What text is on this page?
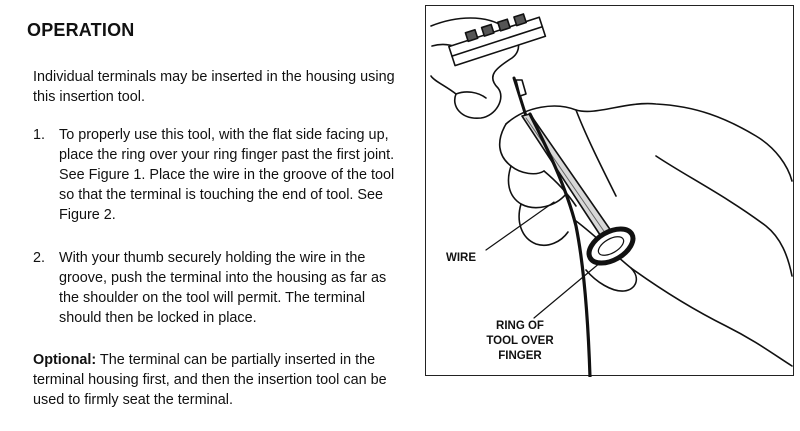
OPERATION
Individual terminals may be inserted in the housing using this insertion tool.
1. To properly use this tool, with the flat side facing up, place the ring over your ring finger past the first joint. See Figure 1. Place the wire in the groove of the tool so that the terminal is touching the end of tool. See Figure 2.
2. With your thumb securely holding the wire in the groove, push the terminal into the housing as far as the shoulder on the tool will permit. The terminal should then be locked in place.
Optional: The terminal can be partially inserted in the terminal housing first, and then the insertion tool can be used to firmly seat the terminal.
WIRE
RING OF
TOOL OVER
FINGER
